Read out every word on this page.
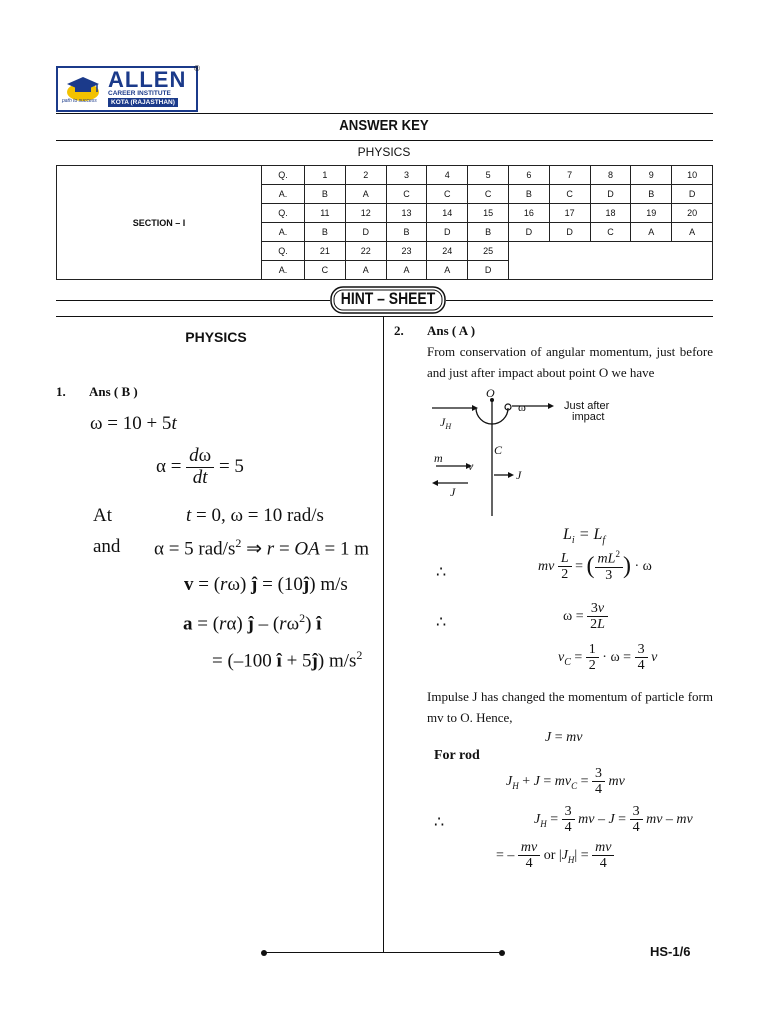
ALLEN
CAREER INSTITUTE
KOTA (RAJASTHAN)
path to success
®
ANSWER KEY
PHYSICS
SECTION – I	Q.	1	2	3	4	5	6	7	8	9	10
	A.	B	A	C	C	C	B	C	D	B	D
	Q.	11	12	13	14	15	16	17	18	19	20
	A.	B	D	B	D	B	D	D	C	A	A
	Q.	21	22	23	24	25					
	A.	C	A	A	A	D					
HINT – SHEET
PHYSICS
1. Ans ( B )
ω = 10 + 5t
$\alpha = \frac{d\omega}{dt} = 5$
At	t = 0, ω = 10 rad/s
and α = 5 rad/$s^2$ ⇒ r = OA = 1 m
v = (rω) ĵ = (10ĵ) m/s
a = (rα) ĵ – $(r\omega^2)$ î
= (–100 î + 5ĵ) $m/s^2$
2. Ans ( A )
From conservation of angular momentum, just before and just after impact about point O we have
O
$J_H$
C
m
v
J
J
ω	Just after
impact
$L_i = L_f$
∴	mv $\frac{L}{2}$ = ( $\frac{mL^2}{3}$ ) · ω
∴	$\omega = \frac{3v}{2L}$
$v_C = \frac{1}{2} \cdot \omega = \frac{3}{4}$ v
Impulse J has changed the momentum of particle form mv to O. Hence,
J = mv
For rod
$J_H + J = mv_C = \frac{3}{4}$ mv
∴	$J_H = \frac{3}{4}$ mv – $J = \frac{3}{4}$ mv – mv
= – $\frac{mv}{4}$ or $|J_H| = \frac{mv}{4}$
HS-1/6
